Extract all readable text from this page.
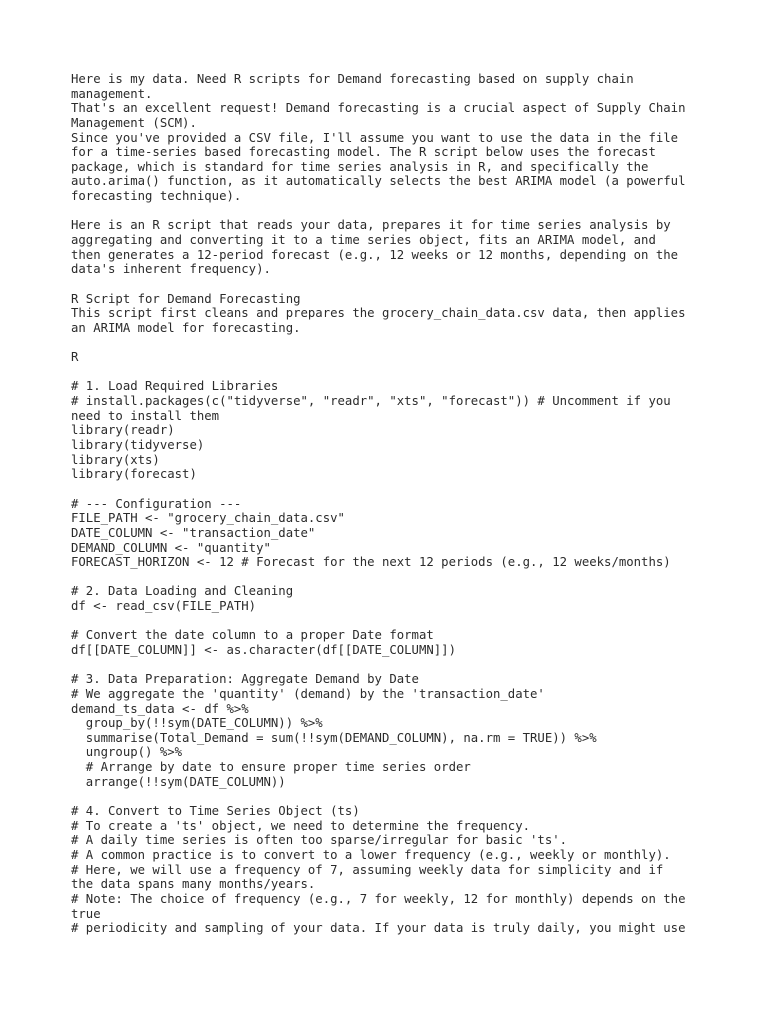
Here is my data. Need R scripts for Demand forecasting based on supply chain
management.
That's an excellent request! Demand forecasting is a crucial aspect of Supply Chain
Management (SCM).
Since you've provided a CSV file, I'll assume you want to use the data in the file
for a time-series based forecasting model. The R script below uses the forecast
package, which is standard for time series analysis in R, and specifically the
auto.arima() function, as it automatically selects the best ARIMA model (a powerful
forecasting technique).
Here is an R script that reads your data, prepares it for time series analysis by
aggregating and converting it to a time series object, fits an ARIMA model, and
then generates a 12-period forecast (e.g., 12 weeks or 12 months, depending on the
data's inherent frequency).
R Script for Demand Forecasting
This script first cleans and prepares the grocery_chain_data.csv data, then applies
an ARIMA model for forecasting.
R
# 1. Load Required Libraries
# install.packages(c("tidyverse", "readr", "xts", "forecast")) # Uncomment if you
need to install them
library(readr)
library(tidyverse)
library(xts)
library(forecast)
# --- Configuration ---
FILE_PATH <- "grocery_chain_data.csv"
DATE_COLUMN <- "transaction_date"
DEMAND_COLUMN <- "quantity"
FORECAST_HORIZON <- 12 # Forecast for the next 12 periods (e.g., 12 weeks/months)
# 2. Data Loading and Cleaning
df <- read_csv(FILE_PATH)
# Convert the date column to a proper Date format
df[[DATE_COLUMN]] <- as.character(df[[DATE_COLUMN]])
# 3. Data Preparation: Aggregate Demand by Date
# We aggregate the 'quantity' (demand) by the 'transaction_date'
demand_ts_data <- df %>%
group_by(!!sym(DATE_COLUMN)) %>%
summarise(Total_Demand = sum(!!sym(DEMAND_COLUMN), na.rm = TRUE)) %>%
ungroup() %>%
# Arrange by date to ensure proper time series order
arrange(!!sym(DATE_COLUMN))
# 4. Convert to Time Series Object (ts)
# To create a 'ts' object, we need to determine the frequency.
# A daily time series is often too sparse/irregular for basic 'ts'.
# A common practice is to convert to a lower frequency (e.g., weekly or monthly).
# Here, we will use a frequency of 7, assuming weekly data for simplicity and if
the data spans many months/years.
# Note: The choice of frequency (e.g., 7 for weekly, 12 for monthly) depends on the
true
# periodicity and sampling of your data. If your data is truly daily, you might use
